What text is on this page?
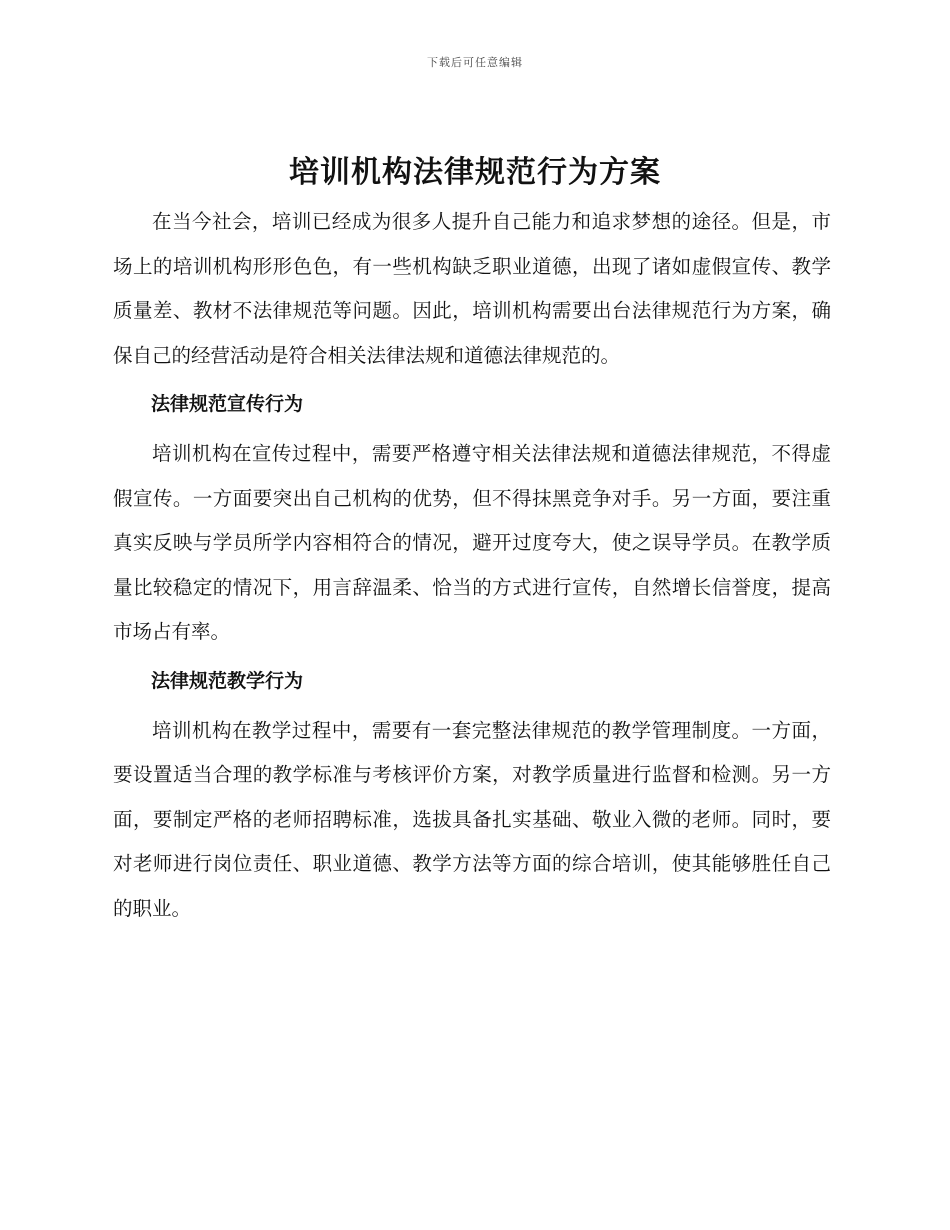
下载后可任意编辑
培训机构法律规范行为方案

在当今社会，培训已经成为很多人提升自己能力和追求梦想的途径。但是，市场上的培训机构形形色色，有一些机构缺乏职业道德，出现了诸如虚假宣传、教学质量差、教材不法律规范等问题。因此，培训机构需要出台法律规范行为方案，确保自己的经营活动是符合相关法律法规和道德法律规范的。

法律规范宣传行为

培训机构在宣传过程中，需要严格遵守相关法律法规和道德法律规范，不得虚假宣传。一方面要突出自己机构的优势，但不得抹黑竞争对手。另一方面，要注重真实反映与学员所学内容相符合的情况，避开过度夸大，使之误导学员。在教学质量比较稳定的情况下，用言辞温柔、恰当的方式进行宣传，自然增长信誉度，提高市场占有率。

法律规范教学行为

培训机构在教学过程中，需要有一套完整法律规范的教学管理制度。一方面，要设置适当合理的教学标准与考核评价方案，对教学质量进行监督和检测。另一方面，要制定严格的老师招聘标准，选拔具备扎实基础、敬业入微的老师。同时，要对老师进行岗位责任、职业道德、教学方法等方面的综合培训，使其能够胜任自己的职业。
